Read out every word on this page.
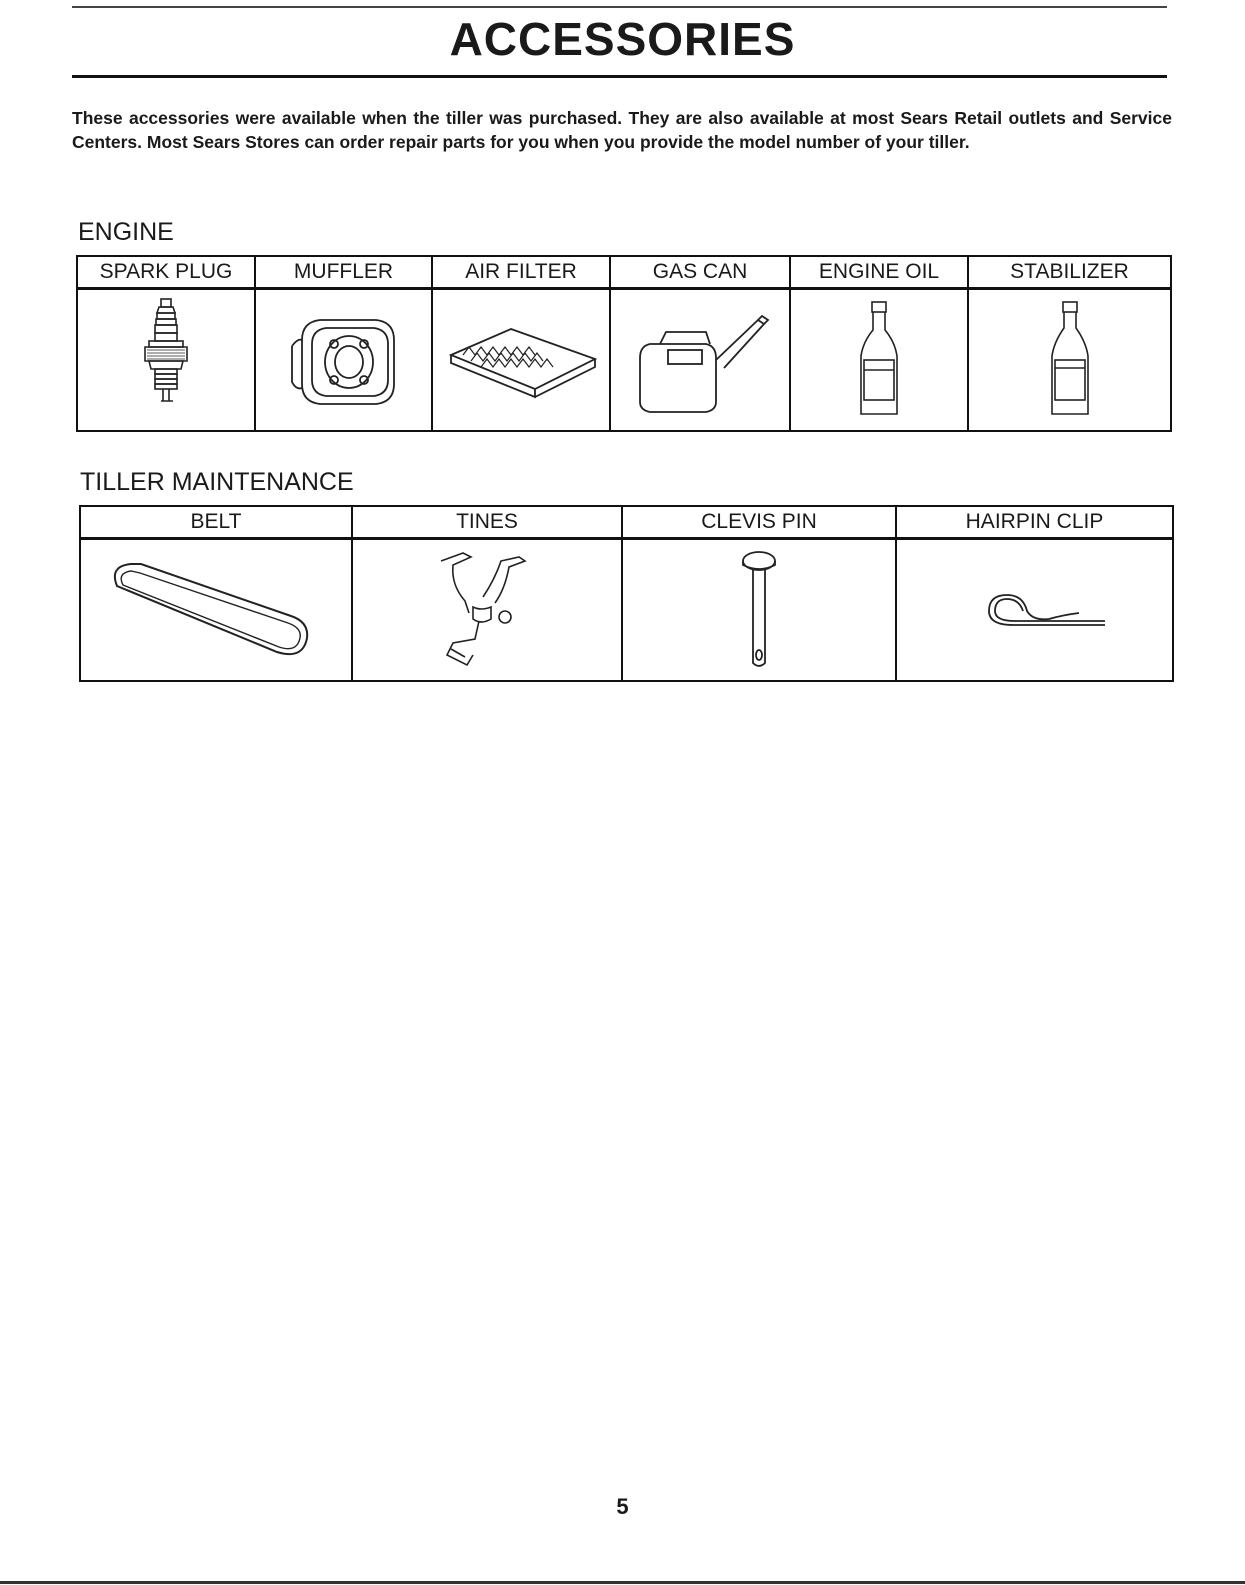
ACCESSORIES
These accessories were available when the tiller was purchased. They are also available at most Sears Retail outlets and Service Centers. Most Sears Stores can order repair parts for you when you provide the model number of your tiller.
ENGINE
SPARK PLUG	MUFFLER	AIR FILTER	GAS CAN	ENGINE OIL	STABILIZER

TILLER MAINTENANCE
BELT	TINES	CLEVIS PIN	HAIRPIN CLIP

5
